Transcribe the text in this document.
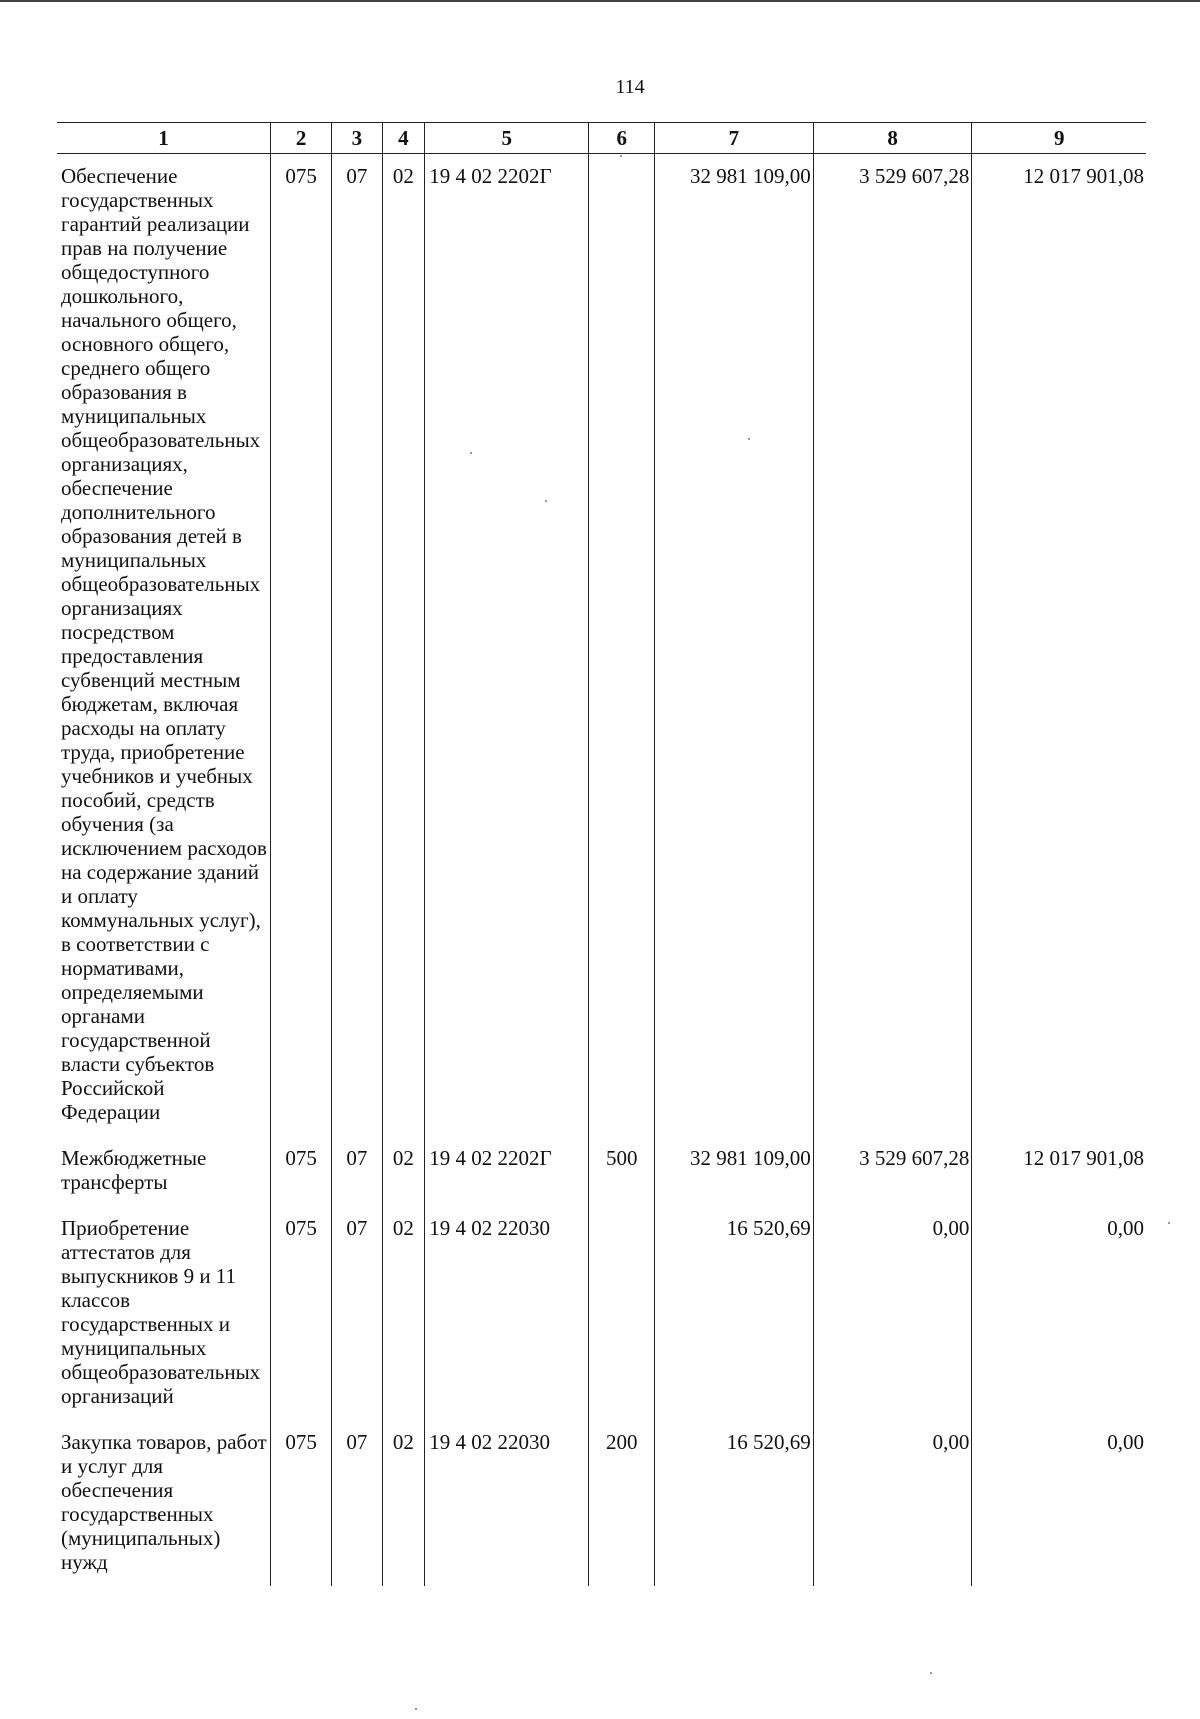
114
1	2	3	4	5	6	7	8	9

Обеспечение государственных гарантий реализации прав на получение общедоступного дошкольного, начального общего, основного общего, среднего общего образования в муниципальных общеобразовательных организациях, обеспечение дополнительного образования детей в муниципальных общеобразовательных организациях посредством предоставления субвенций местным бюджетам, включая расходы на оплату труда, приобретение учебников и учебных пособий, средств обучения (за исключением расходов на содержание зданий и оплату коммунальных услуг), в соответствии с нормативами, определяемыми органами государственной власти субъектов Российской Федерации	075	07	02	19 4 02 2202Г		32 981 109,00	3 529 607,28	12 017 901,08

Межбюджетные трансферты	075	07	02	19 4 02 2202Г	500	32 981 109,00	3 529 607,28	12 017 901,08

Приобретение аттестатов для выпускников 9 и 11 классов государственных и муниципальных общеобразовательных организаций	075	07	02	19 4 02 22030		16 520,69	0,00	0,00

Закупка товаров, работ и услуг для обеспечения государственных (муниципальных) нужд	075	07	02	19 4 02 22030	200	16 520,69	0,00	0,00
